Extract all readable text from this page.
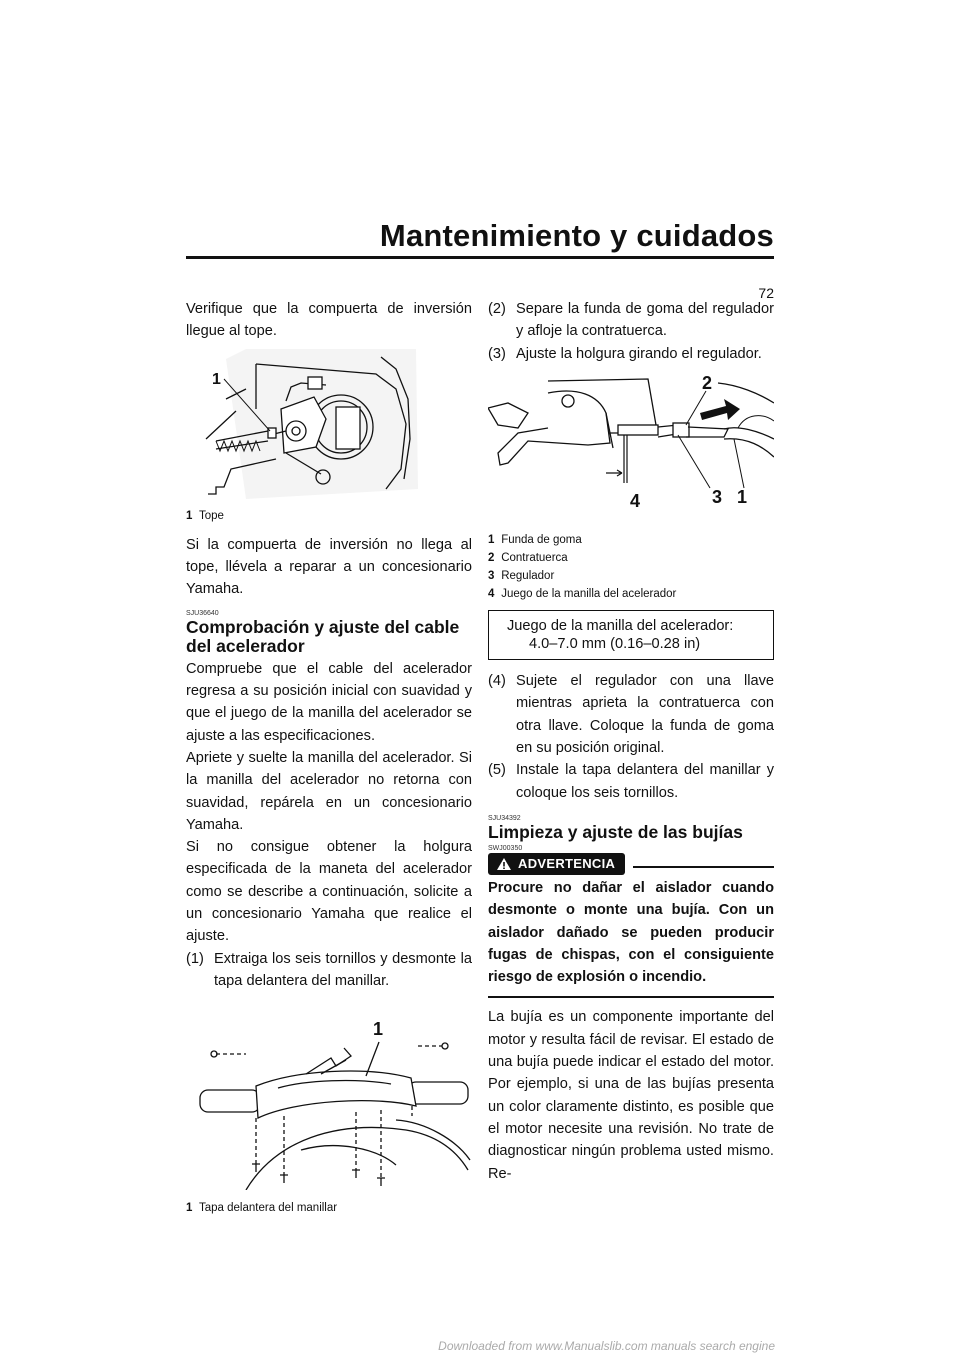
Mantenimiento y cuidados
72

Verifique que la compuerta de inversión llegue al tope.

1
1 Tope

Si la compuerta de inversión no llega al tope, llévela a reparar a un concesionario Yamaha.

SJU36640
Comprobación y ajuste del cable del acelerador

Compruebe que el cable del acelerador regresa a su posición inicial con suavidad y que el juego de la manilla del acelerador se ajuste a las especificaciones.

Apriete y suelte la manilla del acelerador. Si la manilla del acelerador no retorna con suavidad, repárela en un concesionario Yamaha.

Si no consigue obtener la holgura especificada de la maneta del acelerador como se describe a continuación, solicite a un concesionario Yamaha que realice el ajuste.

(1) Extraiga los seis tornillos y desmonte la tapa delantera del manillar.
1
1 Tapa delantera del manillar
(2) Separe la funda de goma del regulador y afloje la contratuerca.
(3) Ajuste la holgura girando el regulador.
2
4	3 1
1 Funda de goma
2 Contratuerca
3 Regulador
4 Juego de la manilla del acelerador
Juego de la manilla del acelerador:
4.0–7.0 mm (0.16–0.28 in)
(4) Sujete el regulador con una llave mientras aprieta la contratuerca con otra llave. Coloque la funda de goma en su posición original.
(5) Instale la tapa delantera del manillar y coloque los seis tornillos.
SJU34392
Limpieza y ajuste de las bujías
SWJ00350
ADVERTENCIA
Procure no dañar el aislador cuando desmonte o monte una bujía. Con un aislador dañado se pueden producir fugas de chispas, con el consiguiente riesgo de explosión o incendio.

La bujía es un componente importante del motor y resulta fácil de revisar. El estado de una bujía puede indicar el estado del motor. Por ejemplo, si una de las bujías presenta un color claramente distinto, es posible que el motor necesite una revisión. No trate de diagnosticar ningún problema usted mismo. Re-

Downloaded from www.Manualslib.com manuals search engine
